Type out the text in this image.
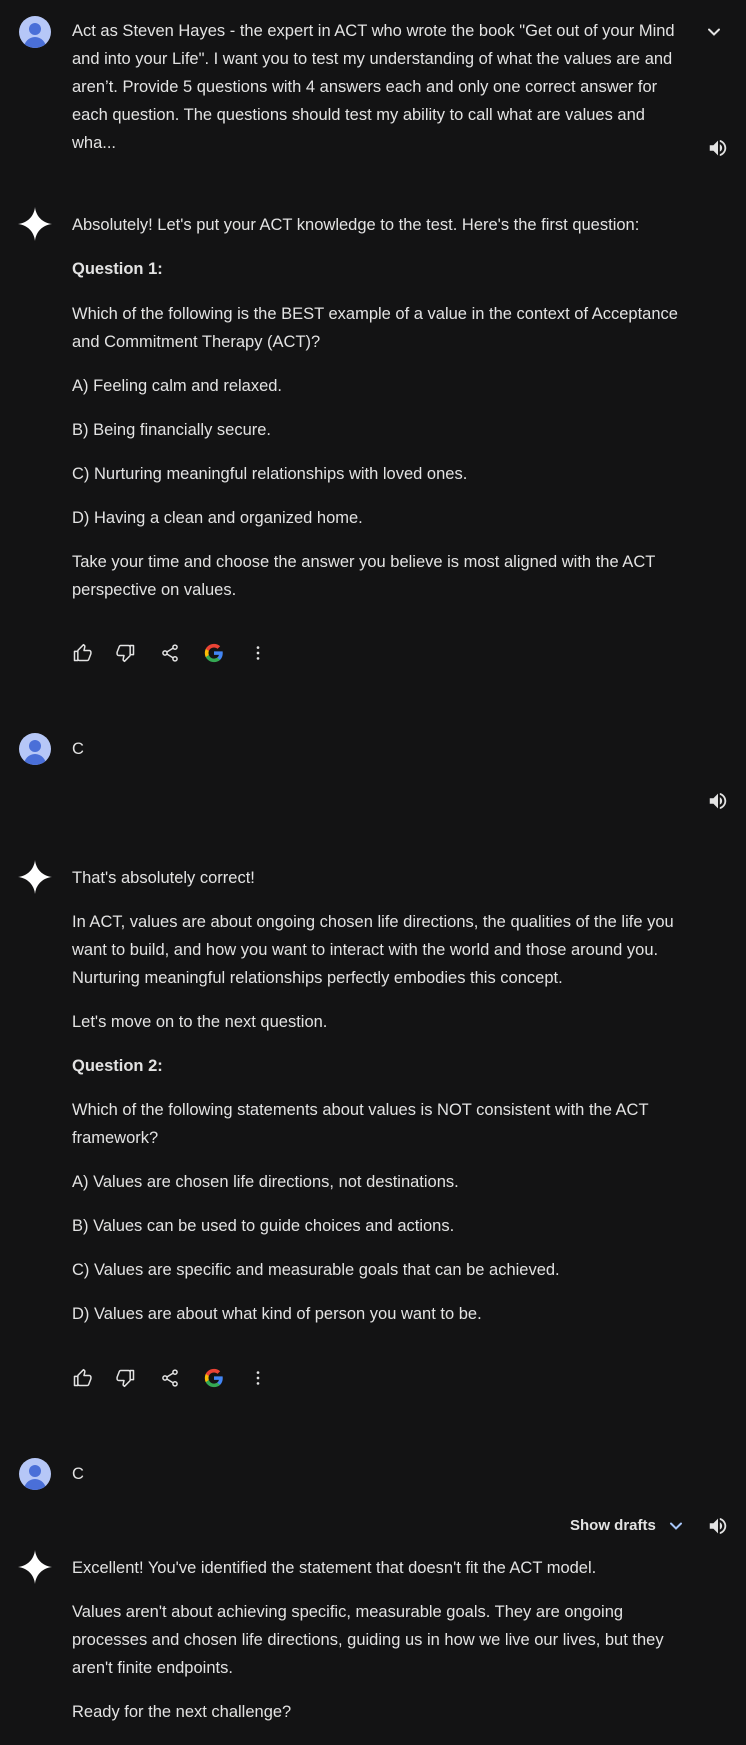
Act as Steven Hayes - the expert in ACT who wrote the book "Get out of your Mind and into your Life". I want you to test my understanding of what the values are and aren’t. Provide 5 questions with 4 answers each and only one correct answer for each question. The questions should test my ability to call what are values and wha...

Absolutely! Let's put your ACT knowledge to the test. Here's the first question:

Question 1:

Which of the following is the BEST example of a value in the context of Acceptance and Commitment Therapy (ACT)?

A) Feeling calm and relaxed.

B) Being financially secure.

C) Nurturing meaningful relationships with loved ones.

D) Having a clean and organized home.

Take your time and choose the answer you believe is most aligned with the ACT perspective on values.

C

That's absolutely correct!

In ACT, values are about ongoing chosen life directions, the qualities of the life you want to build, and how you want to interact with the world and those around you. Nurturing meaningful relationships perfectly embodies this concept.

Let's move on to the next question.

Question 2:

Which of the following statements about values is NOT consistent with the ACT framework?

A) Values are chosen life directions, not destinations.

B) Values can be used to guide choices and actions.

C) Values are specific and measurable goals that can be achieved.

D) Values are about what kind of person you want to be.

C

Show drafts

Excellent! You've identified the statement that doesn't fit the ACT model.

Values aren't about achieving specific, measurable goals. They are ongoing processes and chosen life directions, guiding us in how we live our lives, but they aren't finite endpoints.

Ready for the next challenge?
